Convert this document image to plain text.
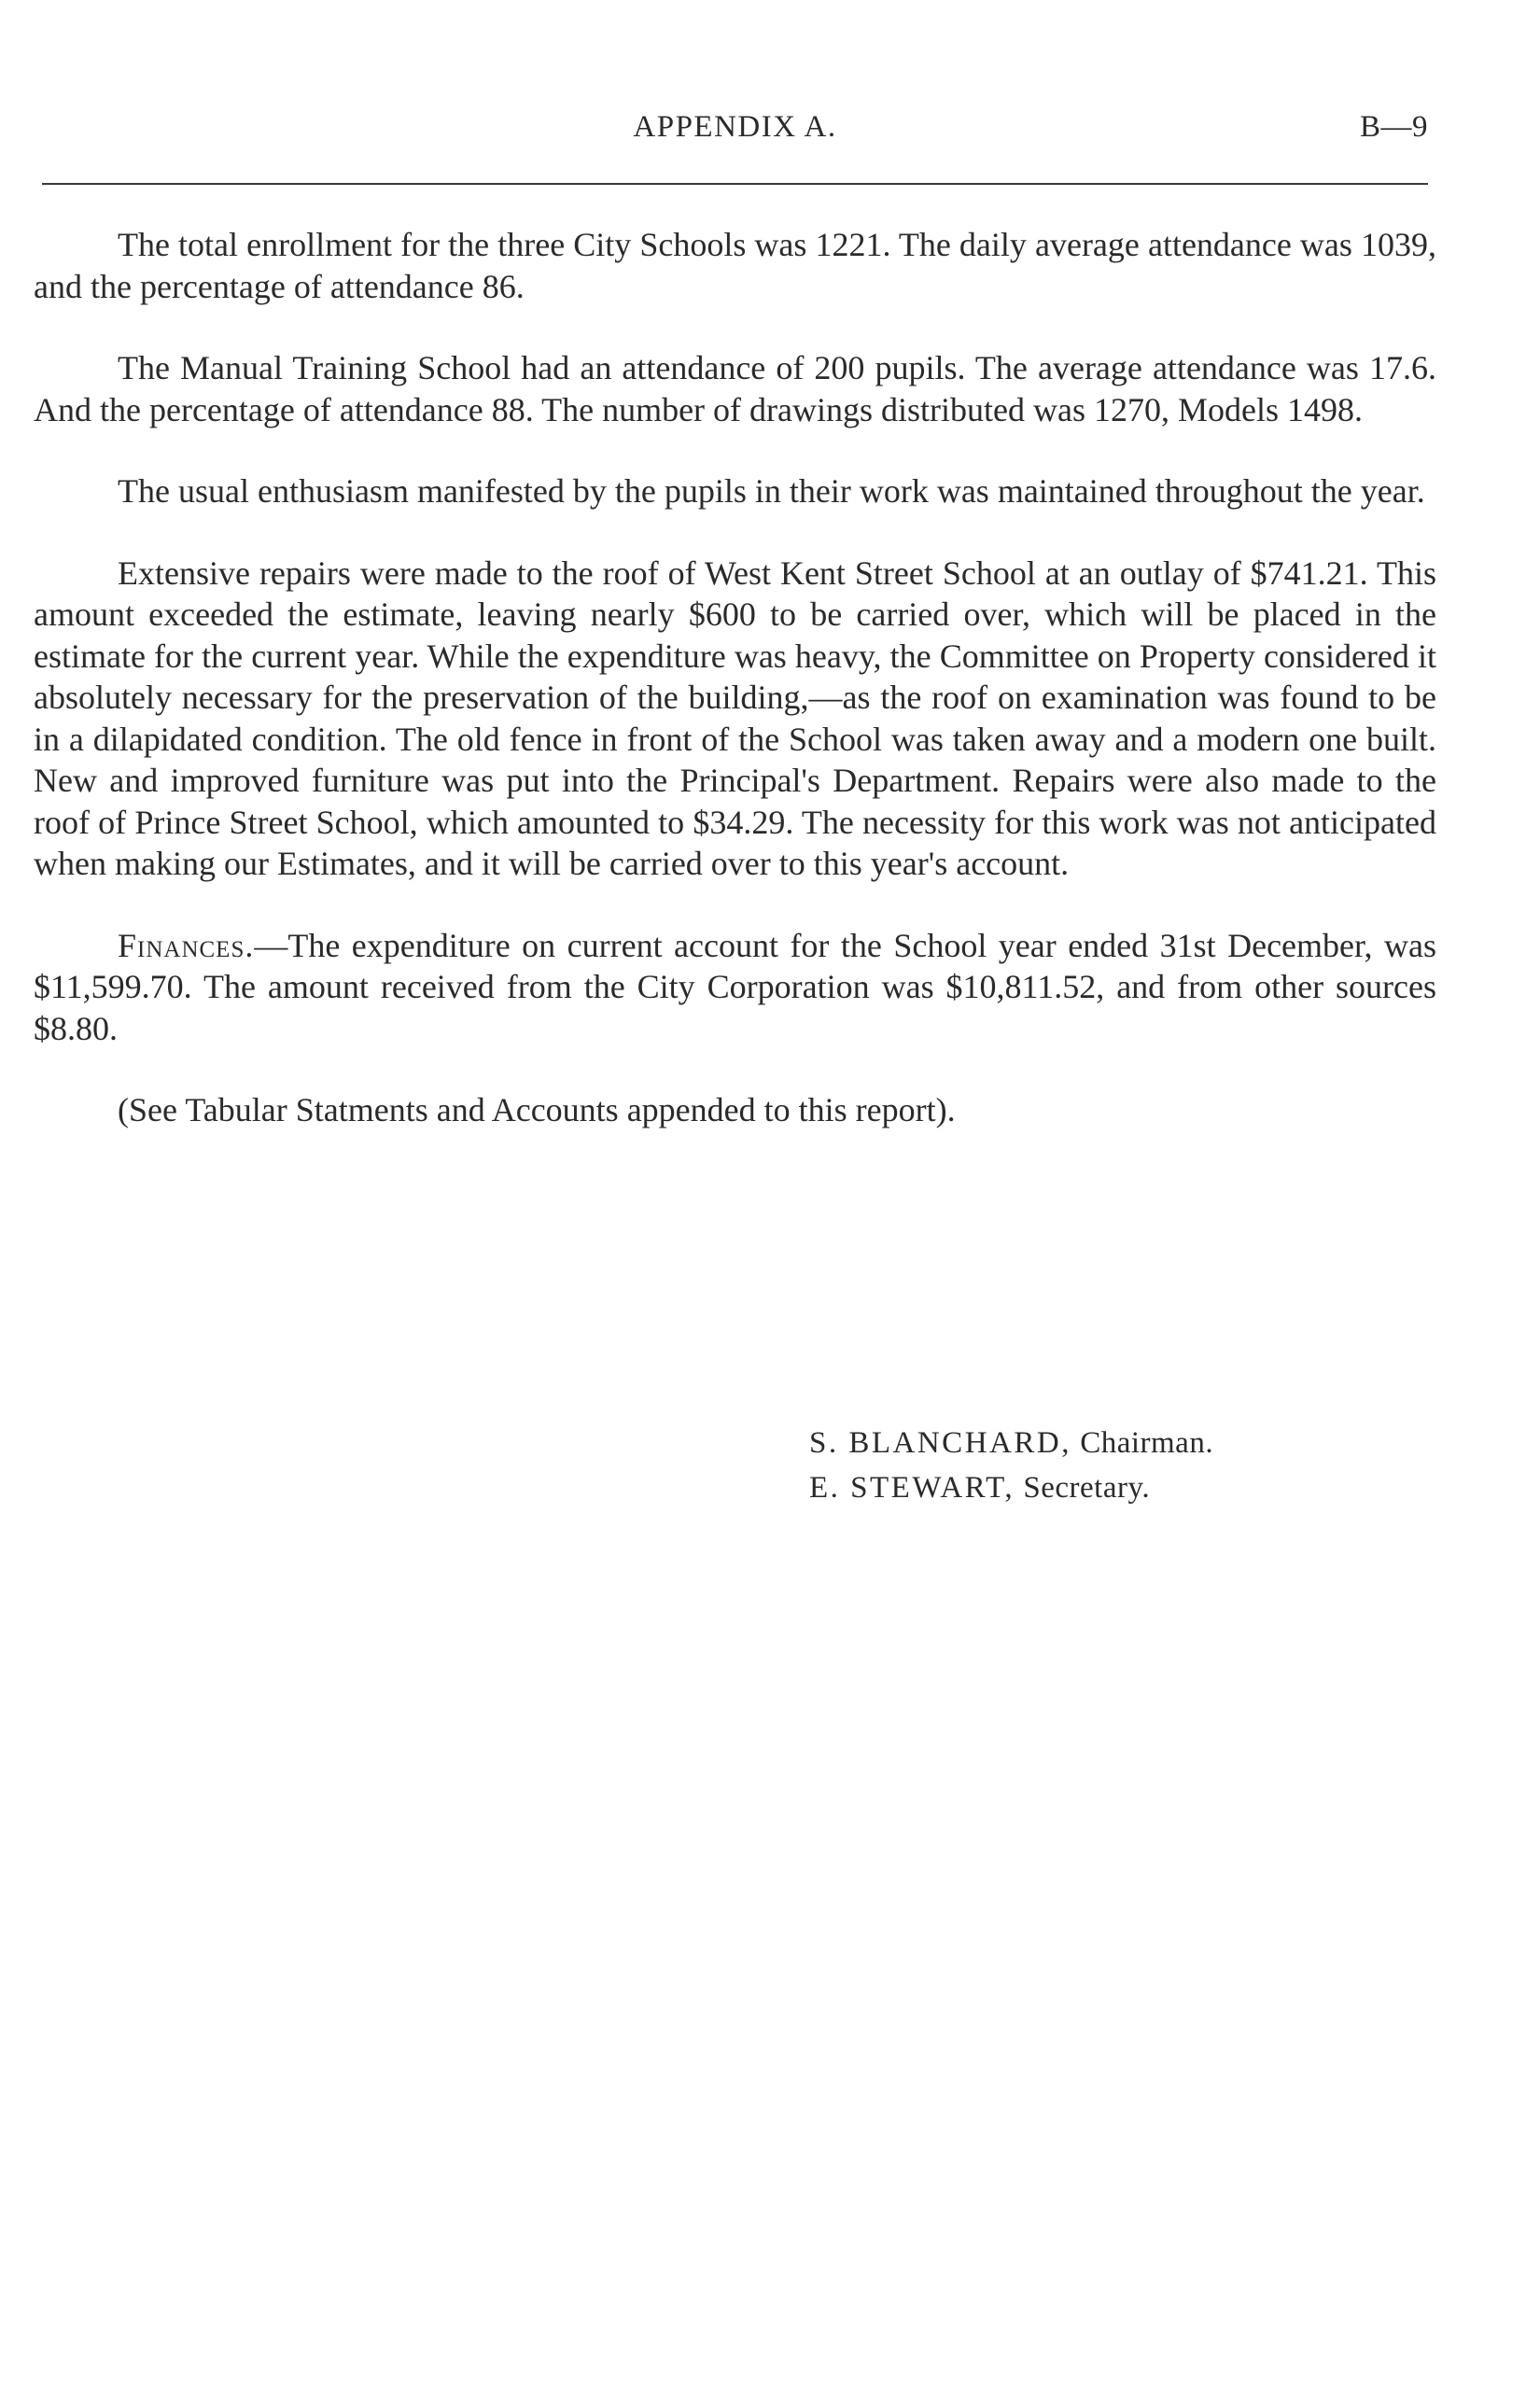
APPENDIX A.	B—9

The total enrollment for the three City Schools was 1221. The daily average attendance was 1039, and the percentage of attendance 86.

The Manual Training School had an attendance of 200 pupils. The average attendance was 17.6. And the percentage of attendance 88. The number of drawings distributed was 1270, Models 1498.

The usual enthusiasm manifested by the pupils in their work was maintained throughout the year.

Extensive repairs were made to the roof of West Kent Street School at an outlay of $741.21. This amount exceeded the estimate, leaving nearly $600 to be carried over, which will be placed in the estimate for the current year. While the expenditure was heavy, the Committee on Property considered it absolutely necessary for the preservation of the building,—as the roof on examination was found to be in a dilapidated condition. The old fence in front of the School was taken away and a modern one built. New and improved furniture was put into the Principal's Department. Repairs were also made to the roof of Prince Street School, which amounted to $34.29. The necessity for this work was not anticipated when making our Estimates, and it will be carried over to this year's account.

Finances.—The expenditure on current account for the School year ended 31st December, was $11,599.70. The amount received from the City Corporation was $10,811.52, and from other sources $8.80.

(See Tabular Statments and Accounts appended to this report).

S. BLANCHARD, Chairman.
E. STEWART, Secretary.
